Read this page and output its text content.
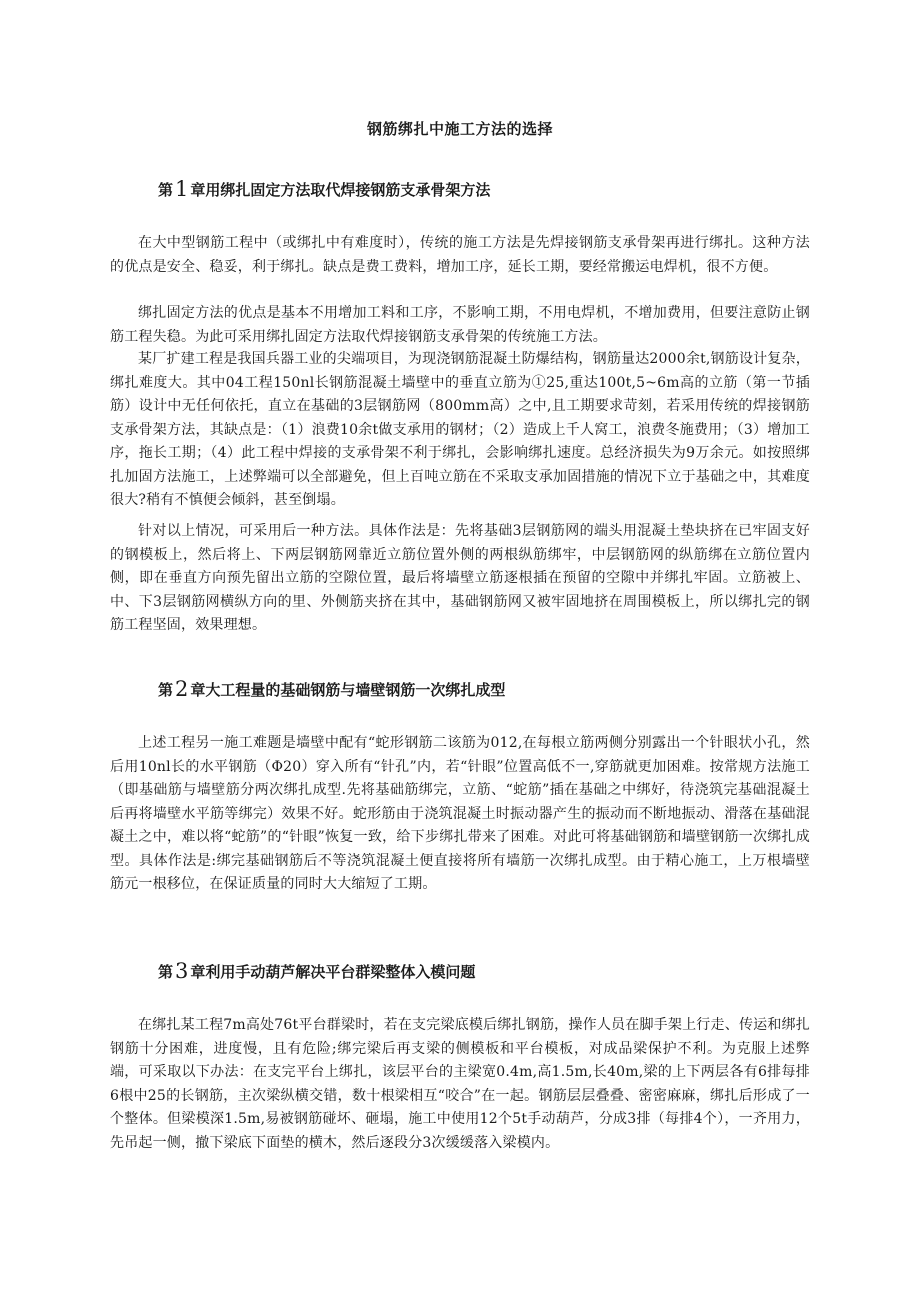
钢筋绑扎中施工方法的选择
第1 章用绑扎固定方法取代焊接钢筋支承骨架方法

在大中型钢筋工程中（或绑扎中有难度时），传统的施工方法是先焊接钢筋支承骨架再进行绑扎。这种方法的优点是安全、稳妥，利于绑扎。缺点是费工费料，增加工序，延长工期，要经常搬运电焊机，很不方便。

绑扎固定方法的优点是基本不用增加工料和工序，不影响工期，不用电焊机，不增加费用，但要注意防止钢筋工程失稳。为此可采用绑扎固定方法取代焊接钢筋支承骨架的传统施工方法。

某厂扩建工程是我国兵器工业的尖端项目，为现浇钢筋混凝土防爆结构，钢筋量达2000余t,钢筋设计复杂，绑扎难度大。其中04工程150nl长钢筋混凝土墙壁中的垂直立筋为①25,重达100t,5~6m高的立筋（第一节插筋）设计中无任何依托，直立在基础的3层钢筋网（800mm高）之中,且工期要求苛刻，若采用传统的焊接钢筋支承骨架方法，其缺点是：（1）浪费10余t做支承用的钢材；（2）造成上千人窝工，浪费冬施费用；（3）增加工序，拖长工期；（4）此工程中焊接的支承骨架不利于绑扎，会影响绑扎速度。总经济损失为9万余元。如按照绑扎加固方法施工，上述弊端可以全部避免，但上百吨立筋在不采取支承加固措施的情况下立于基础之中，其难度很大?稍有不慎便会倾斜，甚至倒塌。

针对以上情况，可采用后一种方法。具体作法是：先将基础3层钢筋网的端头用混凝土垫块挤在已牢固支好的钢模板上，然后将上、下两层钢筋网靠近立筋位置外侧的两根纵筋绑牢，中层钢筋网的纵筋绑在立筋位置内侧，即在垂直方向预先留出立筋的空隙位置，最后将墙壁立筋逐根插在预留的空隙中并绑扎牢固。立筋被上、中、下3层钢筋网横纵方向的里、外侧筋夹挤在其中，基础钢筋网又被牢固地挤在周围模板上，所以绑扎完的钢筋工程坚固，效果理想。

第2 章大工程量的基础钢筋与墙壁钢筋一次绑扎成型

上述工程另一施工难题是墙壁中配有“蛇形钢筋二该筋为012,在每根立筋两侧分别露出一个针眼状小孔，然后用10nl长的水平钢筋（Φ20）穿入所有“针孔”内，若“针眼”位置高低不一,穿筋就更加困难。按常规方法施工（即基础筋与墙壁筋分两次绑扎成型.先将基础筋绑完，立筋、“蛇筋”插在基础之中绑好，待浇筑完基础混凝土后再将墙壁水平筋等绑完）效果不好。蛇形筋由于浇筑混凝土时振动器产生的振动而不断地振动、滑落在基础混凝土之中，难以将“蛇筋”的“针眼”恢复一致，给下步绑扎带来了困难。对此可将基础钢筋和墙壁钢筋一次绑扎成型。具体作法是:绑完基础钢筋后不等浇筑混凝土便直接将所有墙筋一次绑扎成型。由于精心施工，上万根墙壁筋元一根移位，在保证质量的同时大大缩短了工期。

第3 章利用手动葫芦解决平台群梁整体入模问题

在绑扎某工程7m高处76t平台群梁时，若在支完梁底模后绑扎钢筋，操作人员在脚手架上行走、传运和绑扎钢筋十分困难，进度慢，且有危险;绑完梁后再支梁的侧模板和平台模板，对成品梁保护不利。为克服上述弊端，可采取以下办法：在支完平台上绑扎，该层平台的主梁宽0.4m,高1.5m,长40m,梁的上下两层各有6排每排6根中25的长钢筋，主次梁纵横交错，数十根梁相互“咬合”在一起。钢筋层层叠叠、密密麻麻，绑扎后形成了一个整体。但梁模深1.5m,易被钢筋碰坏、砸塌，施工中使用12个5t手动葫芦，分成3排（每排4个），一齐用力，先吊起一侧，撤下梁底下面垫的横木，然后逐段分3次缓缓落入梁模内。
